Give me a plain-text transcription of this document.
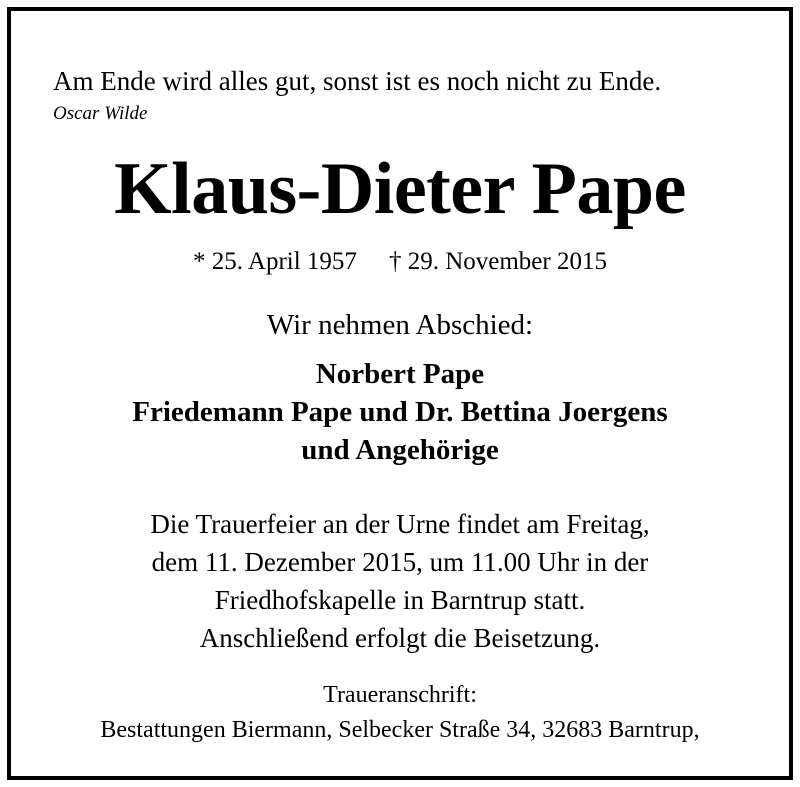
Am Ende wird alles gut, sonst ist es noch nicht zu Ende.
Oscar Wilde
Klaus-Dieter Pape
* 25. April 1957 † 29. November 2015
Wir nehmen Abschied:
Norbert Pape
Friedemann Pape und Dr. Bettina Joergens
und Angehörige
Die Trauerfeier an der Urne findet am Freitag,
dem 11. Dezember 2015, um 11.00 Uhr in der
Friedhofskapelle in Barntrup statt.
Anschließend erfolgt die Beisetzung.
Traueranschrift:
Bestattungen Biermann, Selbecker Straße 34, 32683 Barntrup,
